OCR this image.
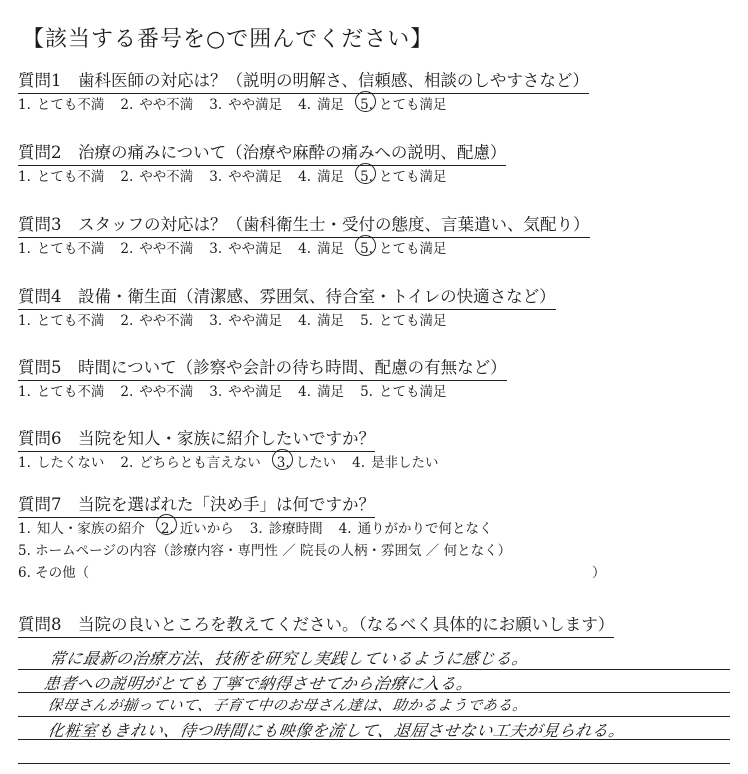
【該当する番号を○で囲んでください】
質問1　歯科医師の対応は？（説明の明解さ、信頼感、相談のしやすさなど）
1. とても不満 2. やや不満 3. やや満足 4. 満足 5. とても満足
質問2　治療の痛みについて（治療や麻酔の痛みへの説明、配慮）
1. とても不満 2. やや不満 3. やや満足 4. 満足 5. とても満足
質問3　スタッフの対応は？（歯科衛生士・受付の態度、言葉遣い、気配り）
1. とても不満 2. やや不満 3. やや満足 4. 満足 5. とても満足
質問4　設備・衛生面（清潔感、雰囲気、待合室・トイレの快適さなど）
1. とても不満 2. やや不満 3. やや満足 4. 満足 5. とても満足
質問5　時間について（診察や会計の待ち時間、配慮の有無など）
1. とても不満 2. やや不満 3. やや満足 4. 満足 5. とても満足
質問6　当院を知人・家族に紹介したいですか？
1. したくない 2. どちらとも言えない 3. したい 4. 是非したい
質問7　当院を選ばれた「決め手」は何ですか？
1. 知人・家族の紹介 2. 近いから 3. 診療時間 4. 通りがかりで何となく
5. ホームページの内容（診療内容・専門性 ／ 院長の人柄・雰囲気 ／ 何となく）
6. その他（	）
質問8　当院の良いところを教えてください。（なるべく具体的にお願いします）
常に最新の治療方法、技術を研究し実践しているように感じる。
患者への説明がとても丁寧で納得させてから治療に入る。
保母さんが揃っていて、子育て中のお母さん達は、助かるようである。
化粧室もきれい、待つ時間にも映像を流して、退屈させない工夫が見られる。
